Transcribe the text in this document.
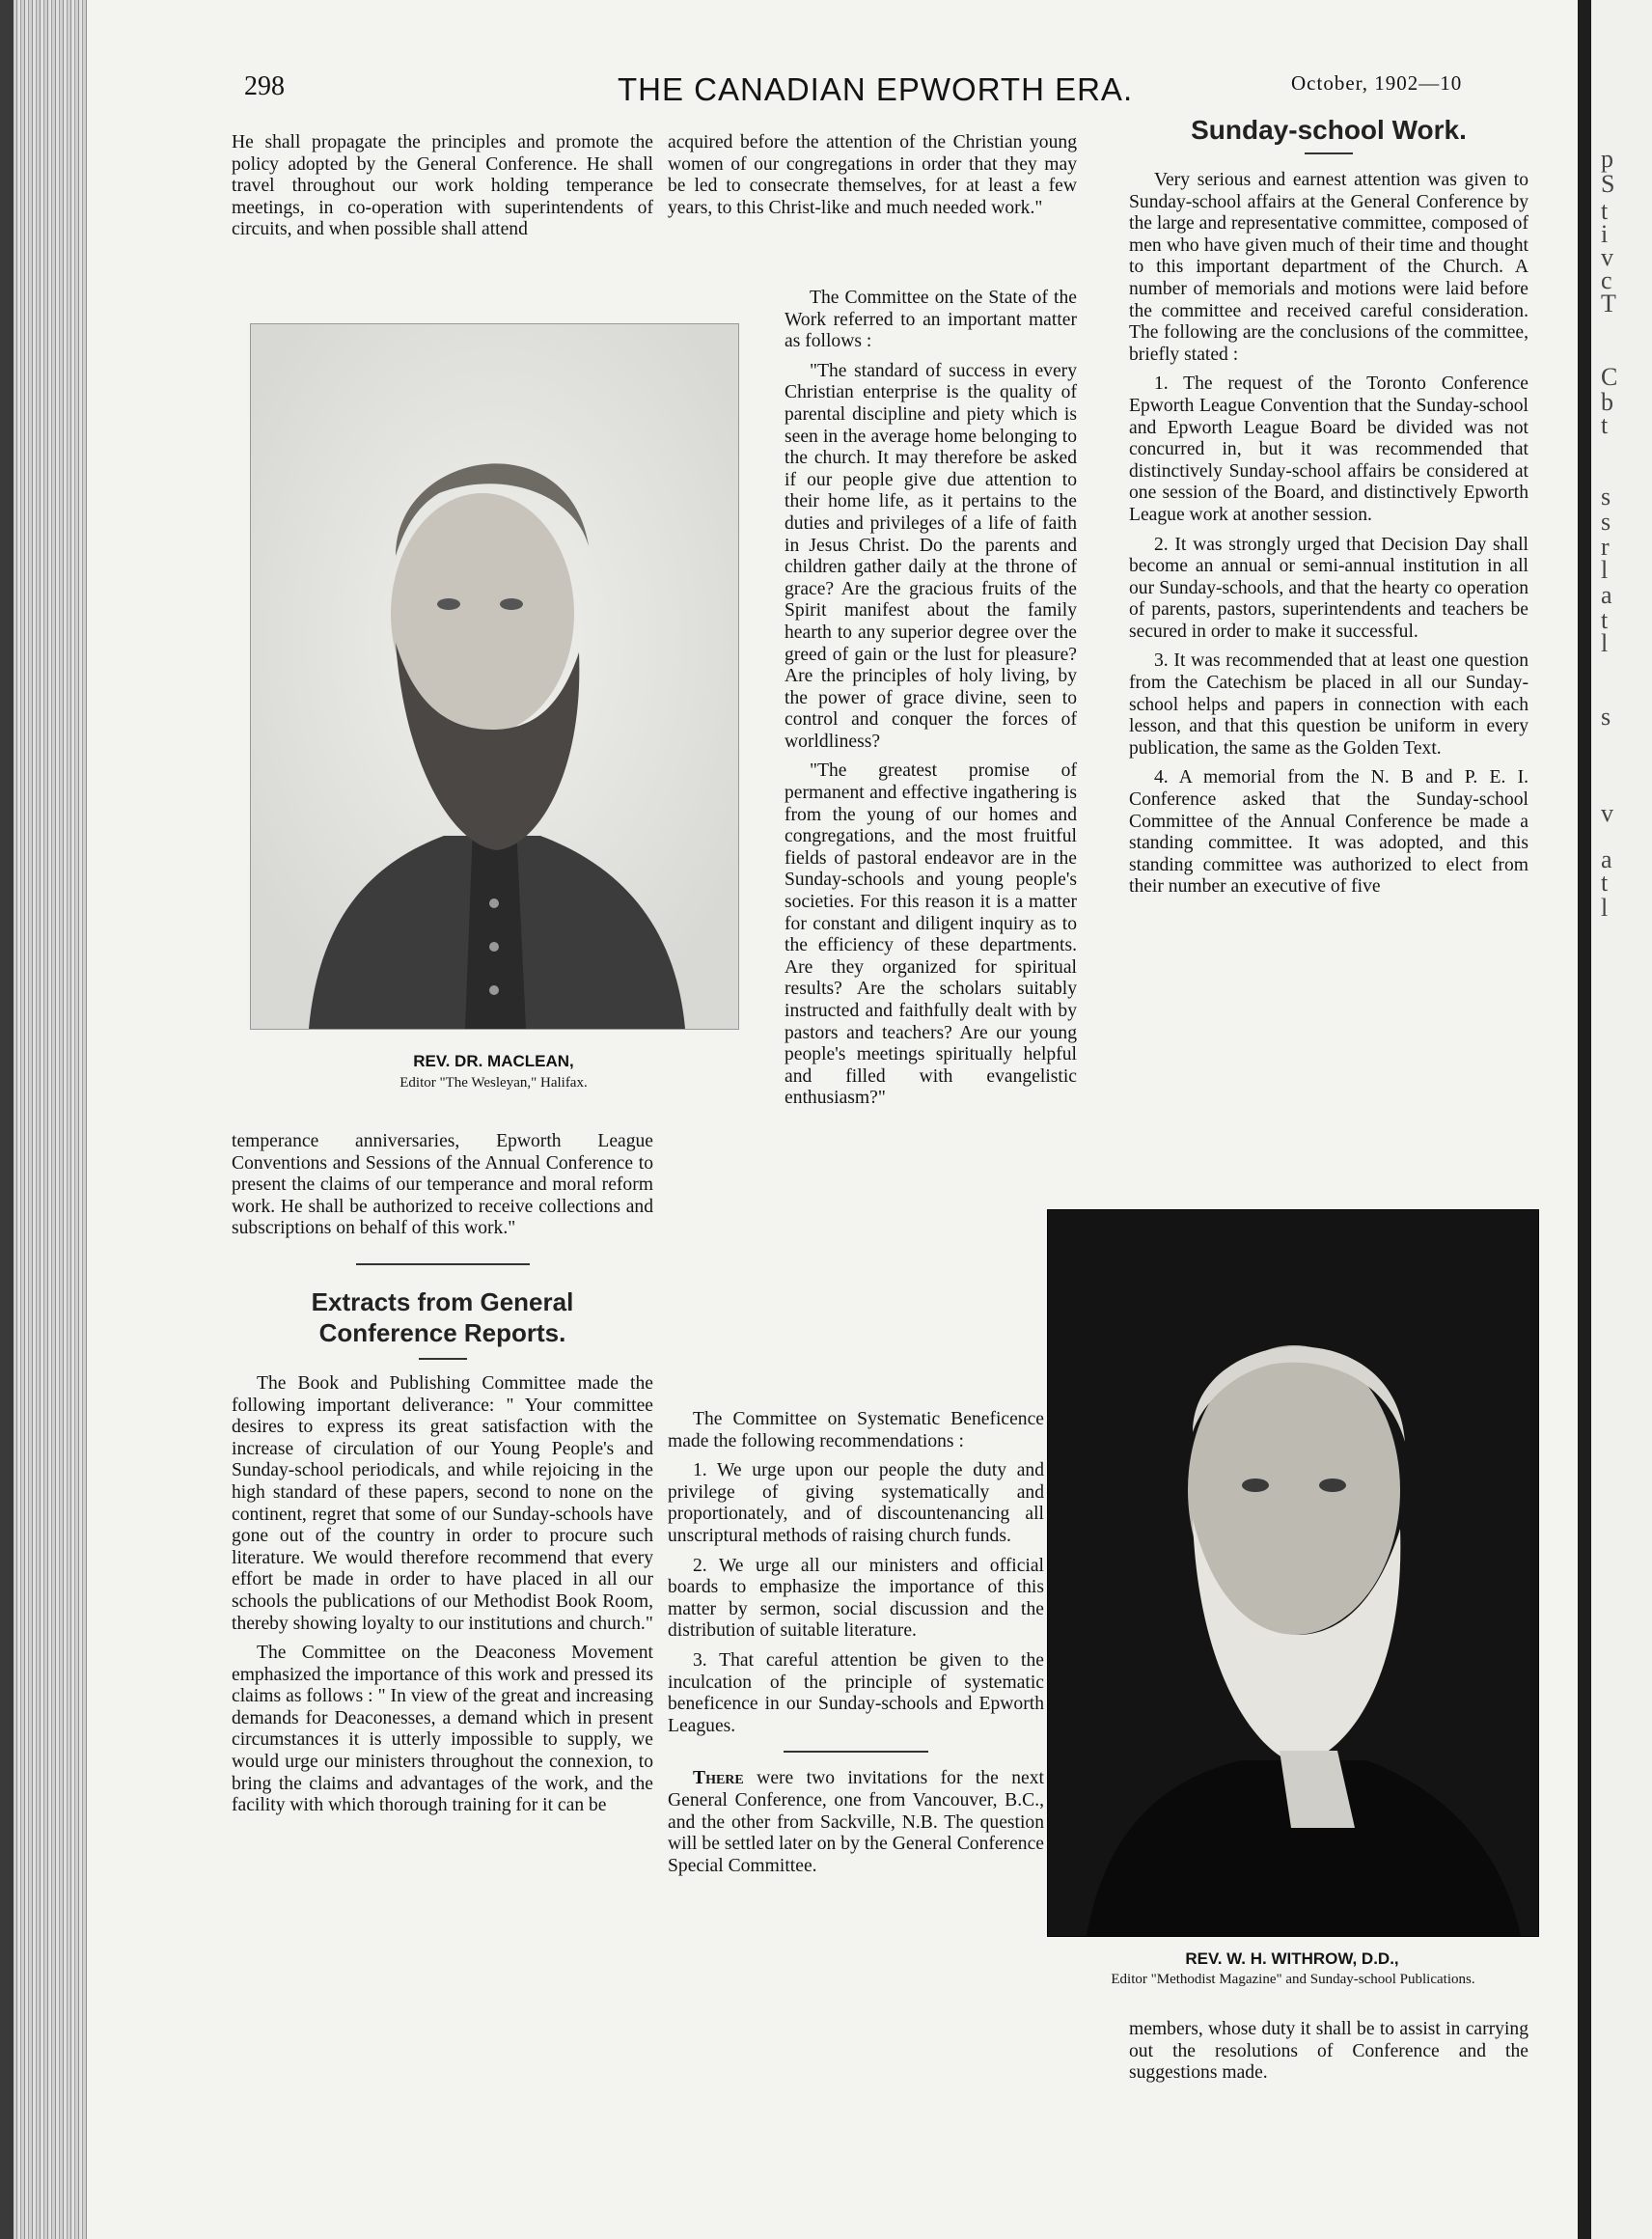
p
S
t
i
v
c
T
C
b
t
s
s
r
l
a
t
l
s
v
a
t
l
298	THE CANADIAN EPWORTH ERA.	October, 1902—10

He shall propagate the principles and promote the policy adopted by the General Conference. He shall travel throughout our work holding temperance meetings, in co-operation with superintendents of circuits, and when possible shall attend

REV. DR. MACLEAN,
Editor "The Wesleyan," Halifax.

temperance anniversaries, Epworth League Conventions and Sessions of the Annual Conference to present the claims of our temperance and moral reform work. He shall be authorized to receive collections and subscriptions on behalf of this work."

Extracts from General Conference Reports.

The Book and Publishing Committee made the following important deliverance: " Your committee desires to express its great satisfaction with the increase of circulation of our Young People's and Sunday-school periodicals, and while rejoicing in the high standard of these papers, second to none on the continent, regret that some of our Sunday-schools have gone out of the country in order to procure such literature. We would therefore recommend that every effort be made in order to have placed in all our schools the publications of our Methodist Book Room, thereby showing loyalty to our institutions and church."

The Committee on the Deaconess Movement emphasized the importance of this work and pressed its claims as follows : " In view of the great and increasing demands for Deaconesses, a demand which in present circumstances it is utterly impossible to supply, we would urge our ministers throughout the connexion, to bring the claims and advantages of the work, and the facility with which thorough training for it can be

acquired before the attention of the Christian young women of our congregations in order that they may be led to consecrate themselves, for at least a few years, to this Christ-like and much needed work."

The Committee on the State of the Work referred to an important matter as follows :

"The standard of success in every Christian enterprise is the quality of parental discipline and piety which is seen in the average home belonging to the church. It may therefore be asked if our people give due attention to their home life, as it pertains to the duties and privileges of a life of faith in Jesus Christ. Do the parents and children gather daily at the throne of grace? Are the gracious fruits of the Spirit manifest about the family hearth to any superior degree over the greed of gain or the lust for pleasure? Are the principles of holy living, by the power of grace divine, seen to control and conquer the forces of worldliness?

"The greatest promise of permanent and effective ingathering is from the young of our homes and congregations, and the most fruitful fields of pastoral endeavor are in the Sunday-schools and young people's societies. For this reason it is a matter for constant and diligent inquiry as to the efficiency of these departments. Are they organized for spiritual results? Are the scholars suitably instructed and faithfully dealt with by pastors and teachers? Are our young people's meetings spiritually helpful and filled with evangelistic enthusiasm?"

The Committee on Systematic Beneficence made the following recommendations :

1. We urge upon our people the duty and privilege of giving systematically and proportionately, and of discountenancing all unscriptural methods of raising church funds.

2. We urge all our ministers and official boards to emphasize the importance of this matter by sermon, social discussion and the distribution of suitable literature.

3. That careful attention be given to the inculcation of the principle of systematic beneficence in our Sunday-schools and Epworth Leagues.

There were two invitations for the next General Conference, one from Vancouver, B.C., and the other from Sackville, N.B. The question will be settled later on by the General Conference Special Committee.

Sunday-school Work.

Very serious and earnest attention was given to Sunday-school affairs at the General Conference by the large and representative committee, composed of men who have given much of their time and thought to this important department of the Church. A number of memorials and motions were laid before the committee and received careful consideration. The following are the conclusions of the committee, briefly stated :

1. The request of the Toronto Conference Epworth League Convention that the Sunday-school and Epworth League Board be divided was not concurred in, but it was recommended that distinctively Sunday-school affairs be considered at one session of the Board, and distinctively Epworth League work at another session.

2. It was strongly urged that Decision Day shall become an annual or semi-annual institution in all our Sunday-schools, and that the hearty co operation of parents, pastors, superintendents and teachers be secured in order to make it successful.

3. It was recommended that at least one question from the Catechism be placed in all our Sunday-school helps and papers in connection with each lesson, and that this question be uniform in every publication, the same as the Golden Text.

4. A memorial from the N. B and P. E. I. Conference asked that the Sunday-school Committee of the Annual Conference be made a standing committee. It was adopted, and this standing committee was authorized to elect from their number an executive of five

REV. W. H. WITHROW, D.D.,
Editor "Methodist Magazine" and Sunday-school Publications.

members, whose duty it shall be to assist in carrying out the resolutions of Conference and the suggestions made.
